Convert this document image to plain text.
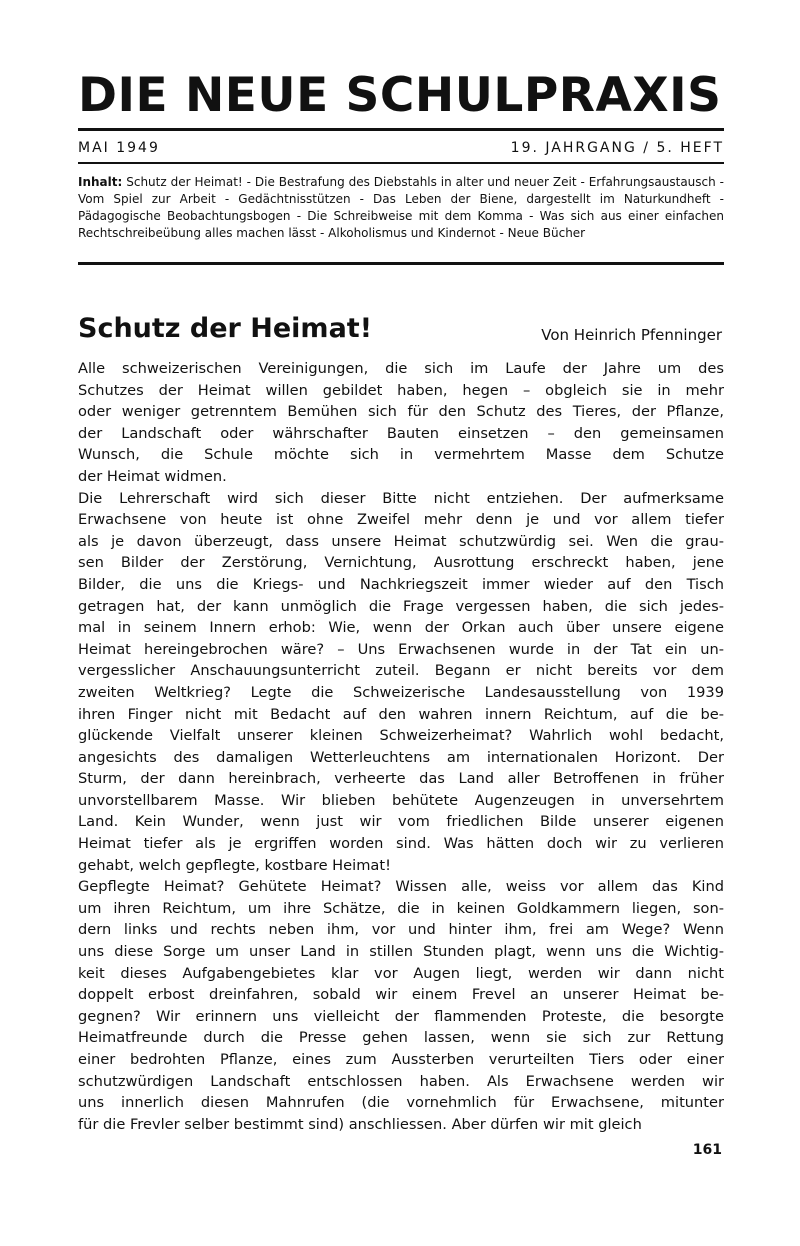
DIE NEUE SCHULPRAXIS
MAI 1949	19. JAHRGANG / 5. HEFT
Inhalt: Schutz der Heimat! - Die Bestrafung des Diebstahls in alter und neuer Zeit - Erfahrungsaustausch - Vom Spiel zur Arbeit - Gedächtnisstützen - Das Leben der Biene, dargestellt im Naturkundheft - Pädagogische Beobachtungsbogen - Die Schreibweise mit dem Komma - Was sich aus einer einfachen Rechtschreibeübung alles machen lässt - Alkoholismus und Kindernot - Neue Bücher
Schutz der Heimat!	Von Heinrich Pfenninger

Alle schweizerischen Vereinigungen, die sich im Laufe der Jahre um des
Schutzes der Heimat willen gebildet haben, hegen – obgleich sie in mehr
oder weniger getrenntem Bemühen sich für den Schutz des Tieres, der Pflanze,
der Landschaft oder währschafter Bauten einsetzen – den gemeinsamen
Wunsch, die Schule möchte sich in vermehrtem Masse dem Schutze
der Heimat widmen.

Die Lehrerschaft wird sich dieser Bitte nicht entziehen. Der aufmerksame
Erwachsene von heute ist ohne Zweifel mehr denn je und vor allem tiefer
als je davon überzeugt, dass unsere Heimat schutzwürdig sei. Wen die grau-
sen Bilder der Zerstörung, Vernichtung, Ausrottung erschreckt haben, jene
Bilder, die uns die Kriegs- und Nachkriegszeit immer wieder auf den Tisch
getragen hat, der kann unmöglich die Frage vergessen haben, die sich jedes-
mal in seinem Innern erhob: Wie, wenn der Orkan auch über unsere eigene
Heimat hereingebrochen wäre? – Uns Erwachsenen wurde in der Tat ein un-
vergesslicher Anschauungsunterricht zuteil. Begann er nicht bereits vor dem
zweiten Weltkrieg? Legte die Schweizerische Landesausstellung von 1939
ihren Finger nicht mit Bedacht auf den wahren innern Reichtum, auf die be-
glückende Vielfalt unserer kleinen Schweizerheimat? Wahrlich wohl bedacht,
angesichts des damaligen Wetterleuchtens am internationalen Horizont. Der
Sturm, der dann hereinbrach, verheerte das Land aller Betroffenen in früher
unvorstellbarem Masse. Wir blieben behütete Augenzeugen in unversehrtem
Land. Kein Wunder, wenn just wir vom friedlichen Bilde unserer eigenen
Heimat tiefer als je ergriffen worden sind. Was hätten doch wir zu verlieren
gehabt, welch gepflegte, kostbare Heimat!

Gepflegte Heimat? Gehütete Heimat? Wissen alle, weiss vor allem das Kind
um ihren Reichtum, um ihre Schätze, die in keinen Goldkammern liegen, son-
dern links und rechts neben ihm, vor und hinter ihm, frei am Wege? Wenn
uns diese Sorge um unser Land in stillen Stunden plagt, wenn uns die Wichtig-
keit dieses Aufgabengebietes klar vor Augen liegt, werden wir dann nicht
doppelt erbost dreinfahren, sobald wir einem Frevel an unserer Heimat be-
gegnen? Wir erinnern uns vielleicht der flammenden Proteste, die besorgte
Heimatfreunde durch die Presse gehen lassen, wenn sie sich zur Rettung
einer bedrohten Pflanze, eines zum Aussterben verurteilten Tiers oder einer
schutzwürdigen Landschaft entschlossen haben. Als Erwachsene werden wir
uns innerlich diesen Mahnrufen (die vornehmlich für Erwachsene, mitunter
für die Frevler selber bestimmt sind) anschliessen. Aber dürfen wir mit gleich

161
